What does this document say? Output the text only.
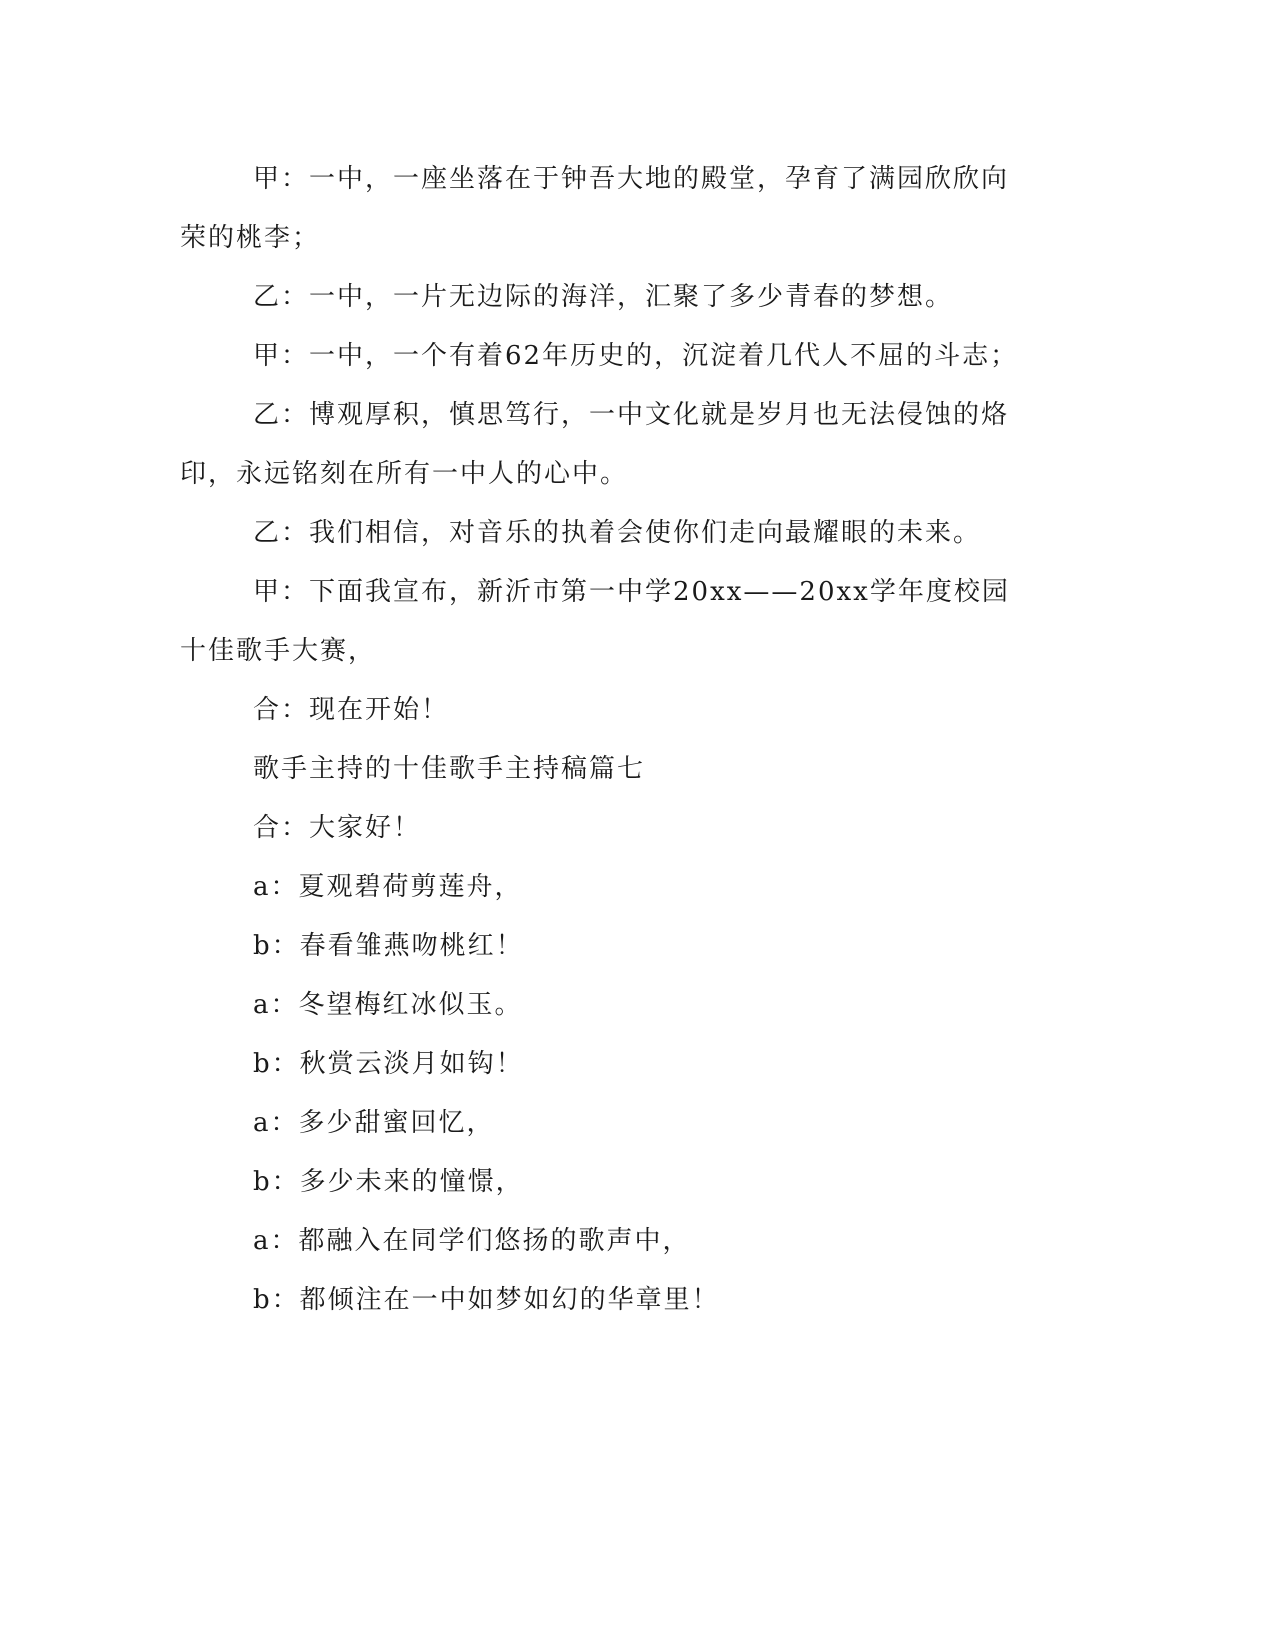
甲：一中，一座坐落在于钟吾大地的殿堂，孕育了满园欣欣向荣的桃李；

乙：一中，一片无边际的海洋，汇聚了多少青春的梦想。

甲：一中，一个有着62年历史的，沉淀着几代人不屈的斗志；

乙：博观厚积，慎思笃行，一中文化就是岁月也无法侵蚀的烙印，永远铭刻在所有一中人的心中。

乙：我们相信，对音乐的执着会使你们走向最耀眼的未来。

甲：下面我宣布，新沂市第一中学20xx——20xx学年度校园十佳歌手大赛，

合：现在开始！

歌手主持的十佳歌手主持稿篇七

合：大家好！

a：夏观碧荷剪莲舟，

b：春看雏燕吻桃红！

a：冬望梅红冰似玉。

b：秋赏云淡月如钩！

a：多少甜蜜回忆，

b：多少未来的憧憬，

a：都融入在同学们悠扬的歌声中，

b：都倾注在一中如梦如幻的华章里！
